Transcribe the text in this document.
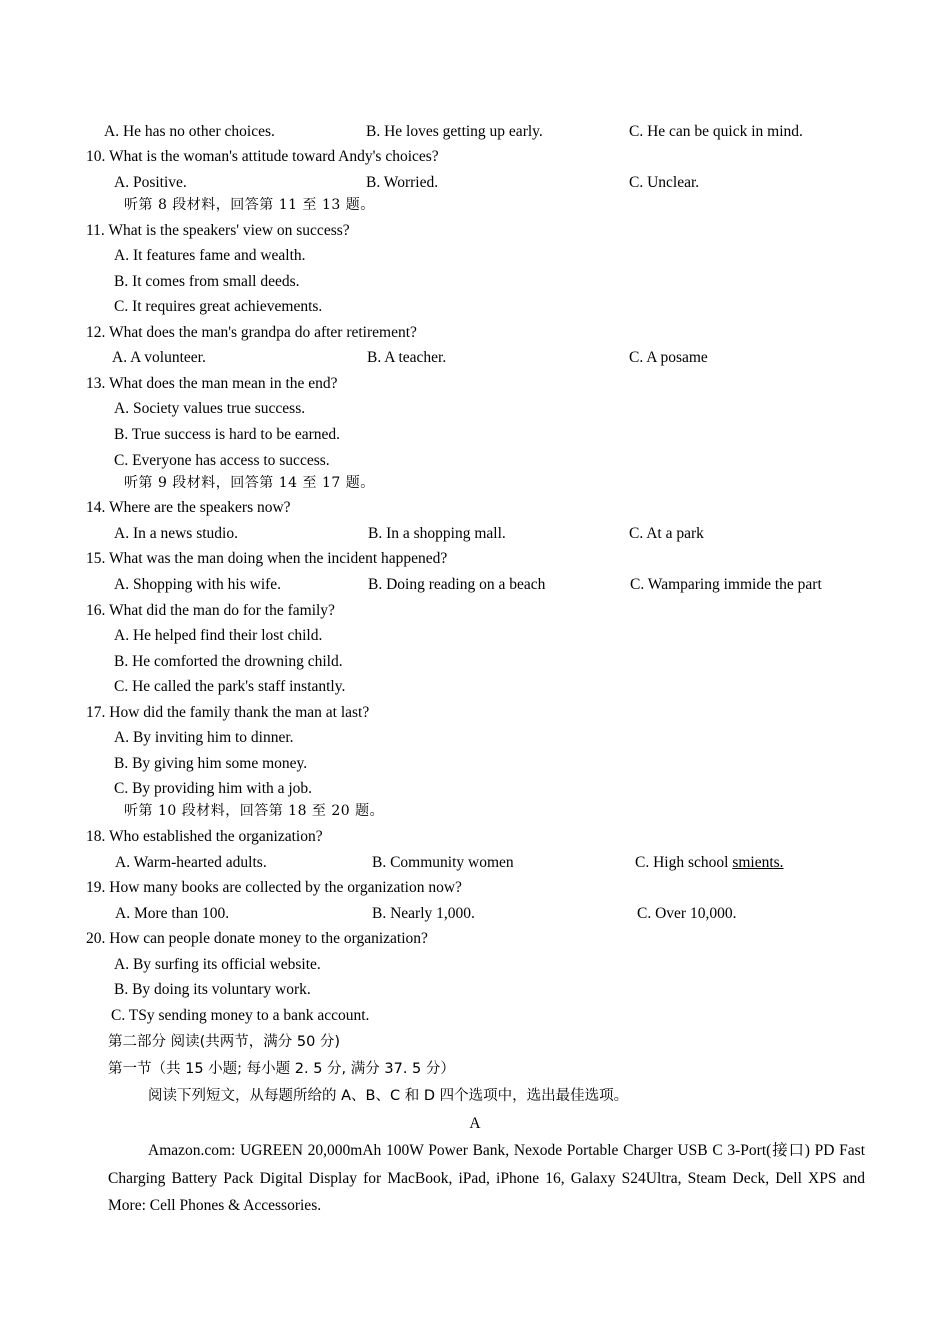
A. He has no other choices.	B. He loves getting up early.	C. He can be quick in mind.
10. What is the woman's attitude toward Andy's choices?
A. Positive.	B. Worried.	C. Unclear.
听第 8 段材料，回答第 11 至 13 题。
11. What is the speakers' view on success?
A. It features fame and wealth.
B. It comes from small deeds.
C. It requires great achievements.
12. What does the man's grandpa do after retirement?
A. A volunteer.	B. A teacher.	C. A posame
13. What does the man mean in the end?
A. Society values true success.
B. True success is hard to be earned.
C. Everyone has access to success.
听第 9 段材料，回答第 14 至 17 题。
14. Where are the speakers now?
A. In a news studio.	B. In a shopping mall.	C. At a park
15. What was the man doing when the incident happened?
A. Shopping with his wife.	B. Doing reading on a beach	C. Wamparing immide the part
16. What did the man do for the family?
A. He helped find their lost child.
B. He comforted the drowning child.
C. He called the park's staff instantly.
17. How did the family thank the man at last?
A. By inviting him to dinner.
B. By giving him some money.
C. By providing him with a job.
听第 10 段材料，回答第 18 至 20 题。
18. Who established the organization?
A. Warm-hearted adults.	B. Community women	C. High school smients.
19. How many books are collected by the organization now?
A. More than 100.	B. Nearly 1,000.	C. Over 10,000.
20. How can people donate money to the organization?
A. By surfing its official website.
B. By doing its voluntary work.
C. TSy sending money to a bank account.
第二部分 阅读(共两节，满分 50 分)
第一节（共 15 小题; 每小题 2. 5 分, 满分 37. 5 分）
阅读下列短文，从每题所给的 A、B、C 和 D 四个选项中，选出最佳选项。
A
Amazon.com: UGREEN 20,000mAh 100W Power Bank, Nexode Portable Charger USB C 3-Port(接口) PD Fast Charging Battery Pack Digital Display for MacBook, iPad, iPhone 16, Galaxy S24Ultra, Steam Deck, Dell XPS and More: Cell Phones & Accessories.
